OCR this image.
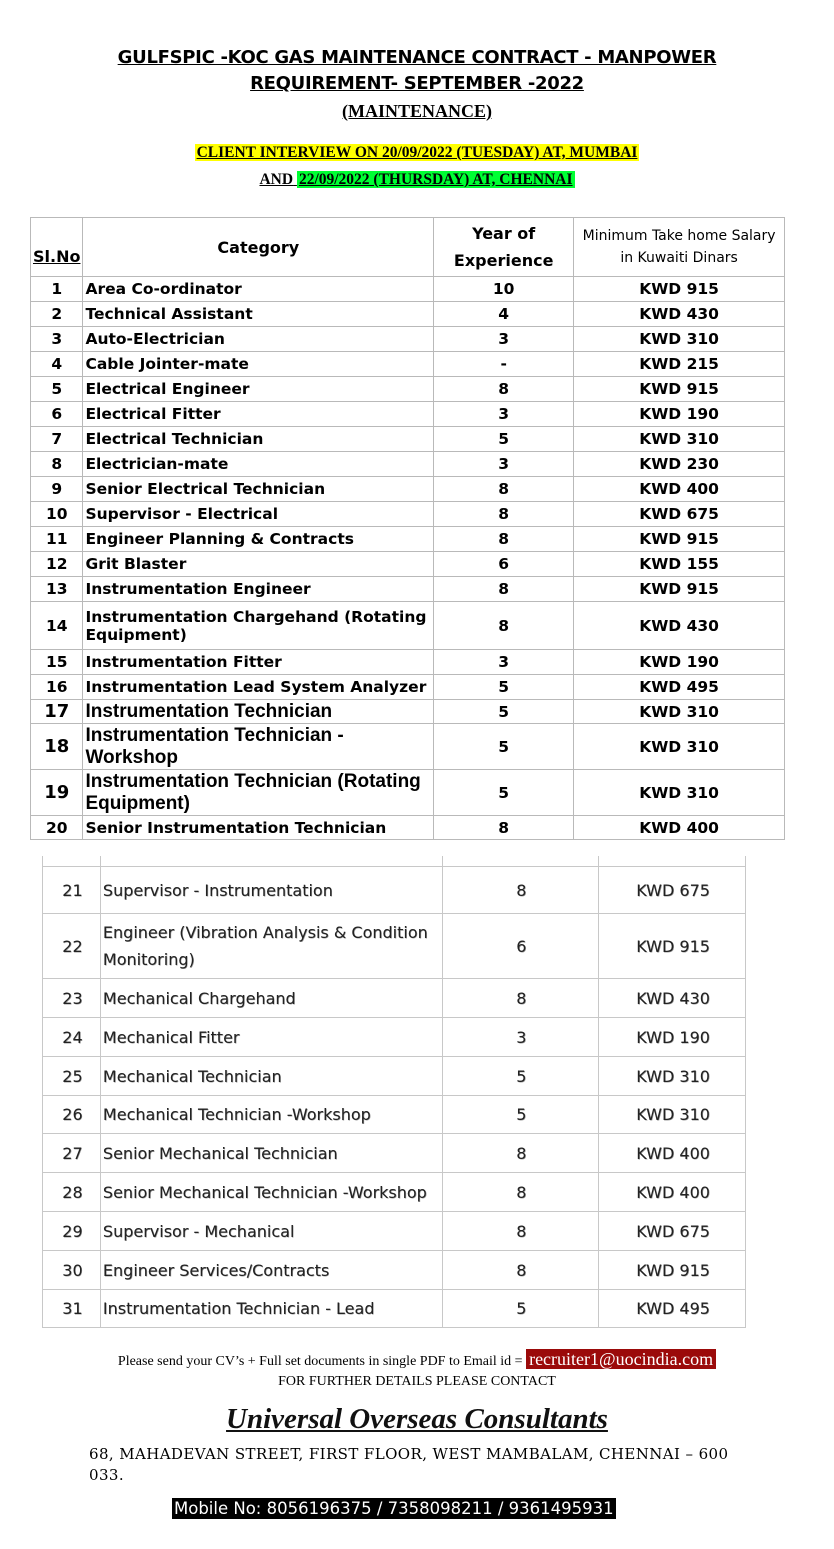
GULFSPIC -KOC GAS MAINTENANCE CONTRACT - MANPOWER
REQUIREMENT- SEPTEMBER -2022
(MAINTENANCE)
CLIENT INTERVIEW ON 20/09/2022 (TUESDAY) AT, MUMBAI
AND 22/09/2022 (THURSDAY) AT, CHENNAI
Sl.No	Category	Year of Experience	Minimum Take home Salary in Kuwaiti Dinars
1	Area Co-ordinator	10	KWD 915
2	Technical Assistant	4	KWD 430
3	Auto-Electrician	3	KWD 310
4	Cable Jointer-mate	-	KWD 215
5	Electrical Engineer	8	KWD 915
6	Electrical Fitter	3	KWD 190
7	Electrical Technician	5	KWD 310
8	Electrician-mate	3	KWD 230
9	Senior Electrical Technician	8	KWD 400
10	Supervisor - Electrical	8	KWD 675
11	Engineer Planning & Contracts	8	KWD 915
12	Grit Blaster	6	KWD 155
13	Instrumentation Engineer	8	KWD 915
14	Instrumentation Chargehand (Rotating Equipment)	8	KWD 430
15	Instrumentation Fitter	3	KWD 190
16	Instrumentation Lead System Analyzer	5	KWD 495
17	Instrumentation Technician	5	KWD 310
18	Instrumentation Technician - Workshop	5	KWD 310
19	Instrumentation Technician (Rotating Equipment)	5	KWD 310
20	Senior Instrumentation Technician	8	KWD 400

21	Supervisor - Instrumentation	8	KWD 675
22	Engineer (Vibration Analysis & Condition Monitoring)	6	KWD 915
23	Mechanical Chargehand	8	KWD 430
24	Mechanical Fitter	3	KWD 190
25	Mechanical Technician	5	KWD 310
26	Mechanical Technician -Workshop	5	KWD 310
27	Senior Mechanical Technician	8	KWD 400
28	Senior Mechanical Technician -Workshop	8	KWD 400
29	Supervisor - Mechanical	8	KWD 675
30	Engineer Services/Contracts	8	KWD 915
31	Instrumentation Technician - Lead	5	KWD 495
Please send your CV’s + Full set documents in single PDF to Email id = recruiter1@uocindia.com
FOR FURTHER DETAILS PLEASE CONTACT
Universal Overseas Consultants
68, MAHADEVAN STREET, FIRST FLOOR, WEST MAMBALAM, CHENNAI – 600 033.
Mobile No: 8056196375 / 7358098211 / 9361495931
